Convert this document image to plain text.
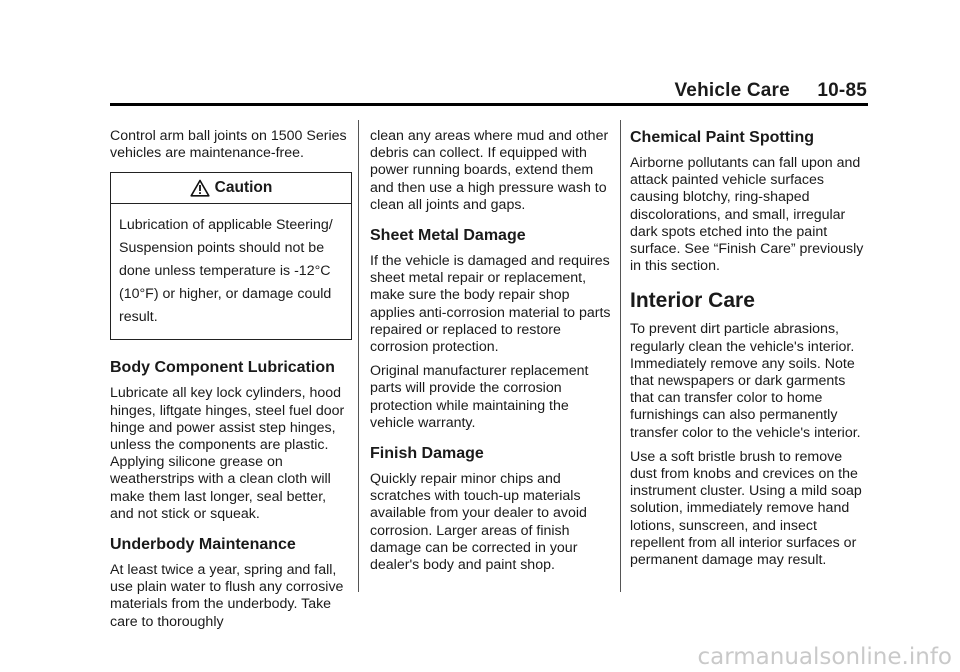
Vehicle Care 10-85

Control arm ball joints on 1500 Series vehicles are maintenance-free.

Caution

Lubrication of applicable Steering/ Suspension points should not be done unless temperature is -12°C (10°F) or higher, or damage could result.

Body Component Lubrication

Lubricate all key lock cylinders, hood hinges, liftgate hinges, steel fuel door hinge and power assist step hinges, unless the components are plastic. Applying silicone grease on weatherstrips with a clean cloth will make them last longer, seal better, and not stick or squeak.

Underbody Maintenance

At least twice a year, spring and fall, use plain water to flush any corrosive materials from the underbody. Take care to thoroughly

clean any areas where mud and other debris can collect. If equipped with power running boards, extend them and then use a high pressure wash to clean all joints and gaps.

Sheet Metal Damage

If the vehicle is damaged and requires sheet metal repair or replacement, make sure the body repair shop applies anti-corrosion material to parts repaired or replaced to restore corrosion protection.

Original manufacturer replacement parts will provide the corrosion protection while maintaining the vehicle warranty.

Finish Damage

Quickly repair minor chips and scratches with touch-up materials available from your dealer to avoid corrosion. Larger areas of finish damage can be corrected in your dealer's body and paint shop.

Chemical Paint Spotting

Airborne pollutants can fall upon and attack painted vehicle surfaces causing blotchy, ring-shaped discolorations, and small, irregular dark spots etched into the paint surface. See “Finish Care” previously in this section.

Interior Care

To prevent dirt particle abrasions, regularly clean the vehicle's interior. Immediately remove any soils. Note that newspapers or dark garments that can transfer color to home furnishings can also permanently transfer color to the vehicle's interior.

Use a soft bristle brush to remove dust from knobs and crevices on the instrument cluster. Using a mild soap solution, immediately remove hand lotions, sunscreen, and insect repellent from all interior surfaces or permanent damage may result.

carmanualsonline.info
